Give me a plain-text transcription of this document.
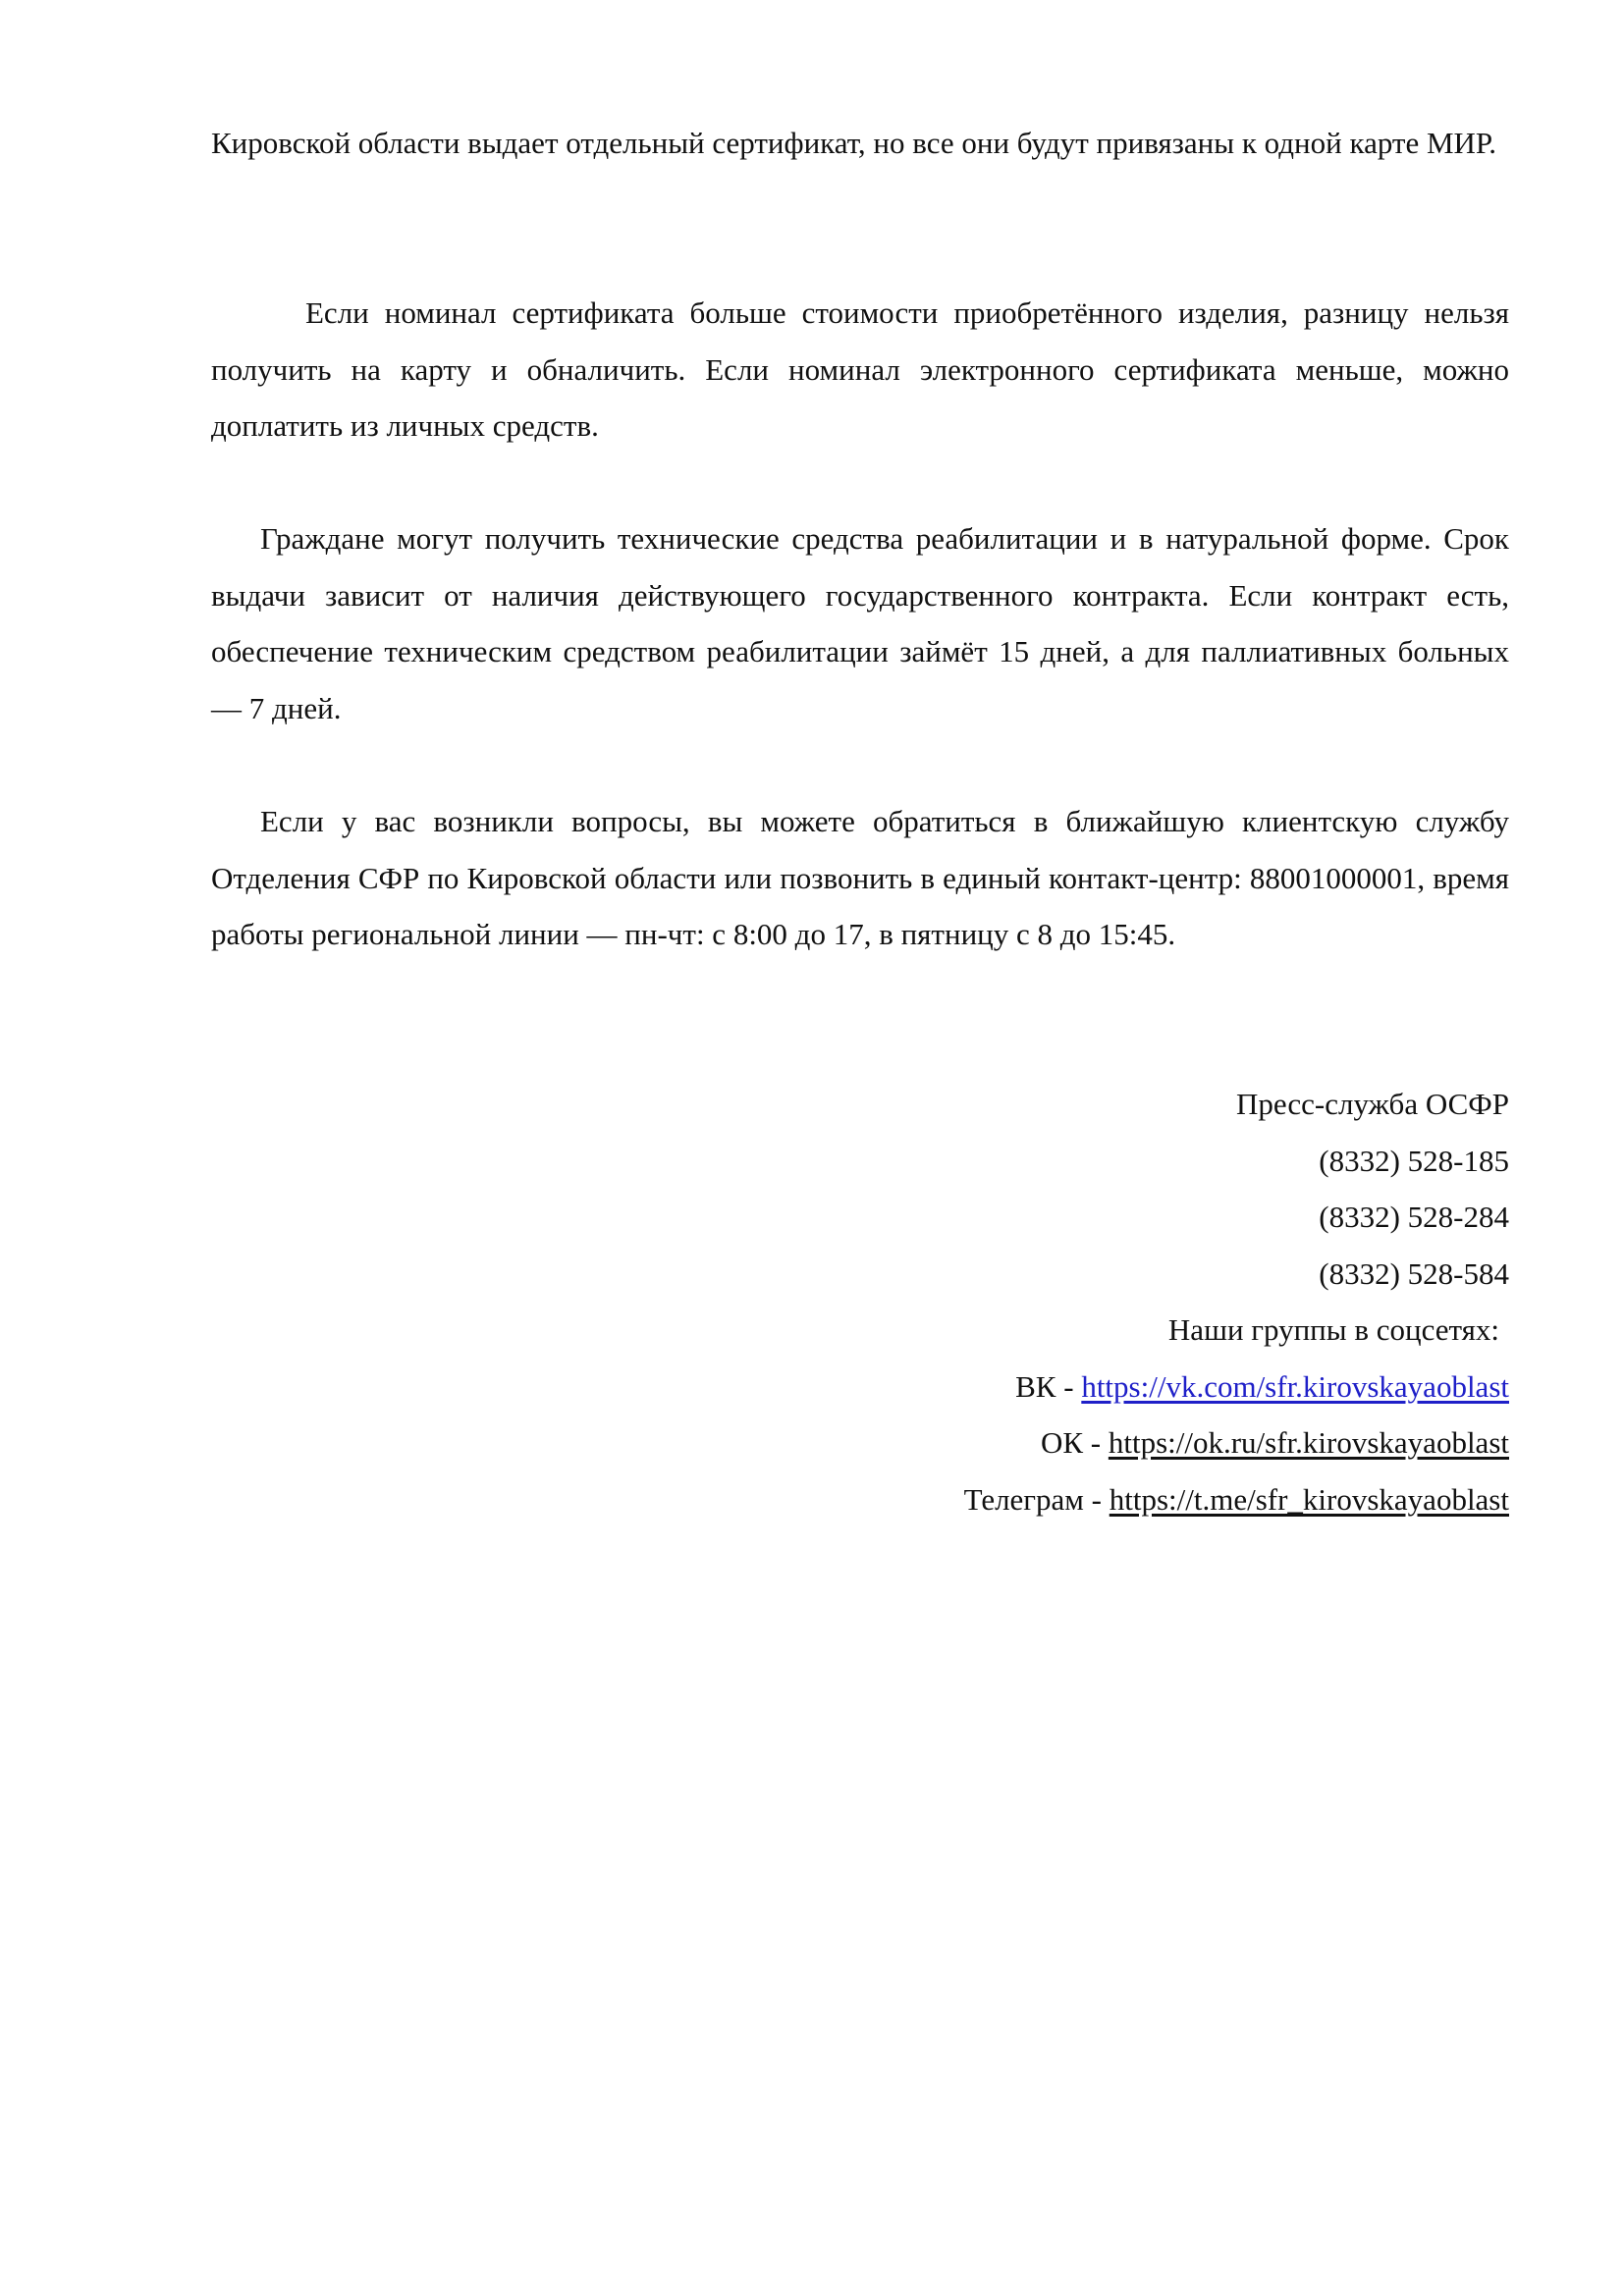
Кировской области выдает отдельный сертификат, но все они будут привязаны к одной карте МИР.

Если номинал сертификата больше стоимости приобретённого изделия, разницу нельзя получить на карту и обналичить. Если номинал электронного сертификата меньше, можно доплатить из личных средств.

Граждане могут получить технические средства реабилитации и в натуральной форме. Срок выдачи зависит от наличия действующего государственного контракта. Если контракт есть, обеспечение техническим средством реабилитации займёт 15 дней, а для паллиативных больных — 7 дней.

Если у вас возникли вопросы, вы можете обратиться в ближайшую клиентскую службу Отделения СФР по Кировской области или позвонить в единый контакт-центр: 88001000001, время работы региональной линии — пн-чт: с 8:00 до 17, в пятницу с 8 до 15:45.

Пресс-служба ОСФР
(8332) 528-185
(8332) 528-284
(8332) 528-584
Наши группы в соцсетях:
ВК - https://vk.com/sfr.kirovskayaoblast
ОК - https://ok.ru/sfr.kirovskayaoblast
Телеграм - https://t.me/sfr_kirovskayaoblast
